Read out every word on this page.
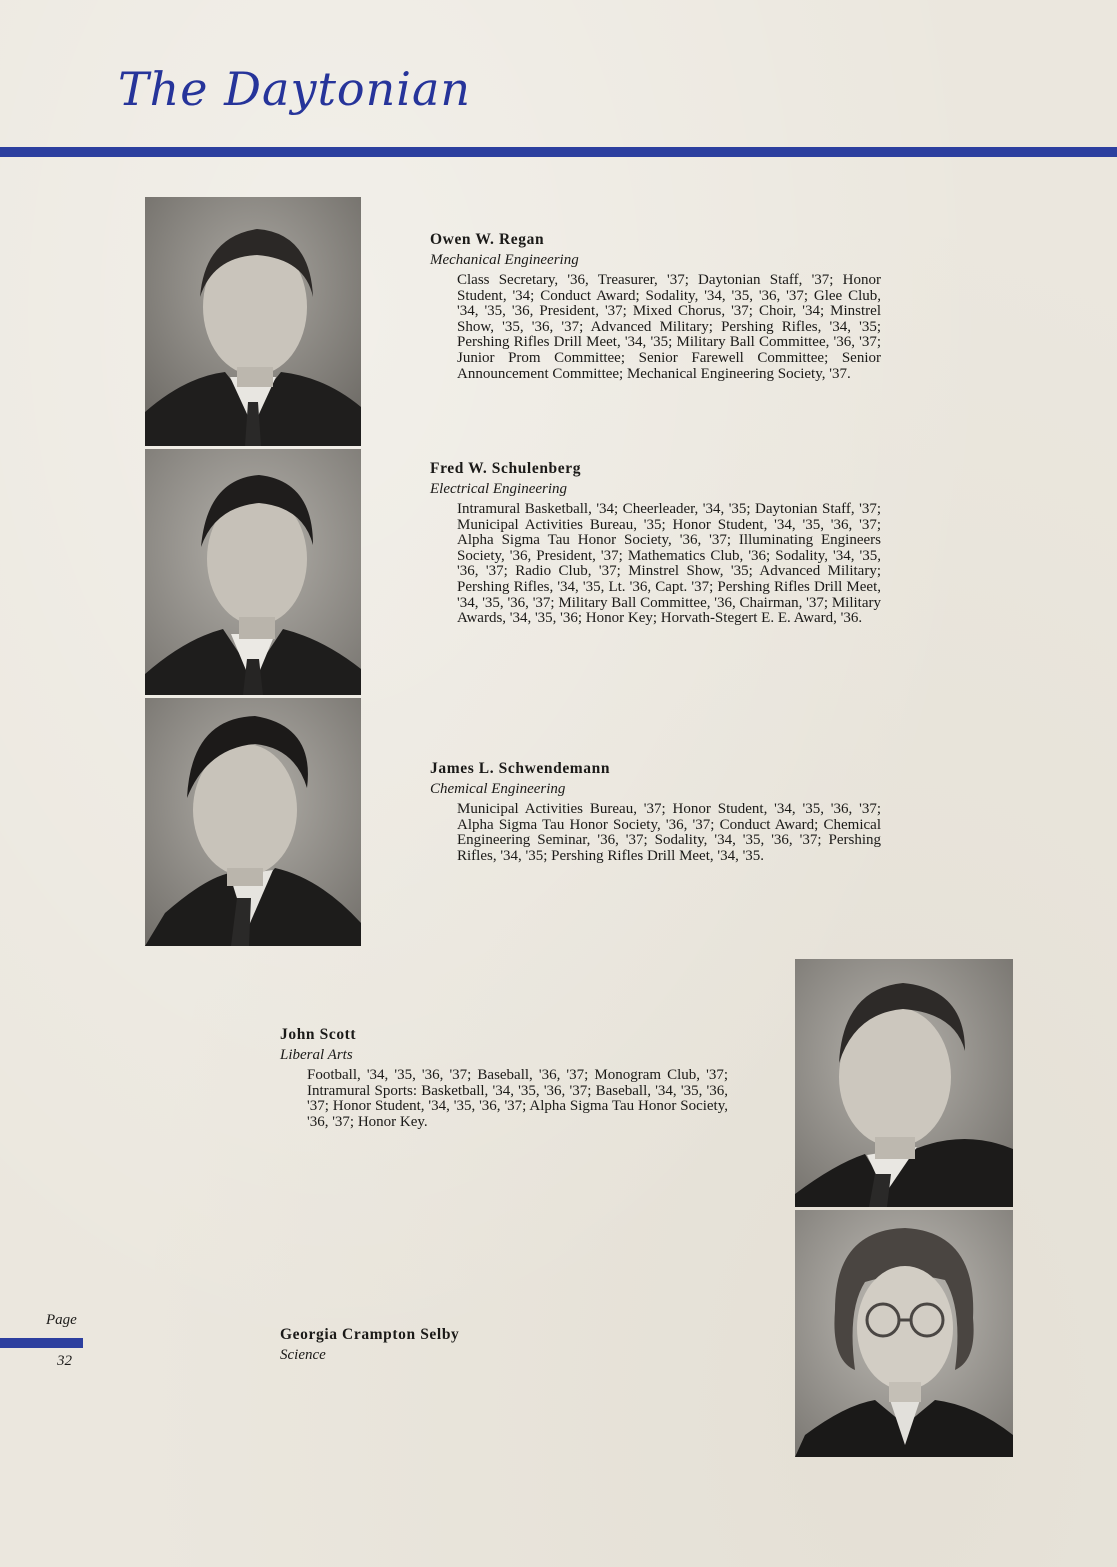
The Daytonian

Owen W. Regan

Mechanical Engineering

Class Secretary, '36, Treasurer, '37; Daytonian Staff, '37; Honor Student, '34; Conduct Award; Sodality, '34, '35, '36, '37; Glee Club, '34, '35, '36, President, '37; Mixed Chorus, '37; Choir, '34; Minstrel Show, '35, '36, '37; Advanced Military; Pershing Rifles, '34, '35; Pershing Rifles Drill Meet, '34, '35; Military Ball Committee, '36, '37; Junior Prom Committee; Senior Farewell Committee; Senior Announcement Committee; Mechanical Engineering Society, '37.

Fred W. Schulenberg

Electrical Engineering

Intramural Basketball, '34; Cheerleader, '34, '35; Daytonian Staff, '37; Municipal Activities Bureau, '35; Honor Student, '34, '35, '36, '37; Alpha Sigma Tau Honor Society, '36, '37; Illuminating Engineers Society, '36, President, '37; Mathematics Club, '36; Sodality, '34, '35, '36, '37; Radio Club, '37; Minstrel Show, '35; Advanced Military; Pershing Rifles, '34, '35, Lt. '36, Capt. '37; Pershing Rifles Drill Meet, '34, '35, '36, '37; Military Ball Committee, '36, Chairman, '37; Military Awards, '34, '35, '36; Honor Key; Horvath-Stegert E. E. Award, '36.

James L. Schwendemann

Chemical Engineering

Municipal Activities Bureau, '37; Honor Student, '34, '35, '36, '37; Alpha Sigma Tau Honor Society, '36, '37; Conduct Award; Chemical Engineering Seminar, '36, '37; Sodality, '34, '35, '36, '37; Pershing Rifles, '34, '35; Pershing Rifles Drill Meet, '34, '35.

John Scott

Liberal Arts

Football, '34, '35, '36, '37; Baseball, '36, '37; Monogram Club, '37; Intramural Sports: Basketball, '34, '35, '36, '37; Baseball, '34, '35, '36, '37; Honor Student, '34, '35, '36, '37; Alpha Sigma Tau Honor Society, '36, '37; Honor Key.

Georgia Crampton Selby

Science

Page
32
